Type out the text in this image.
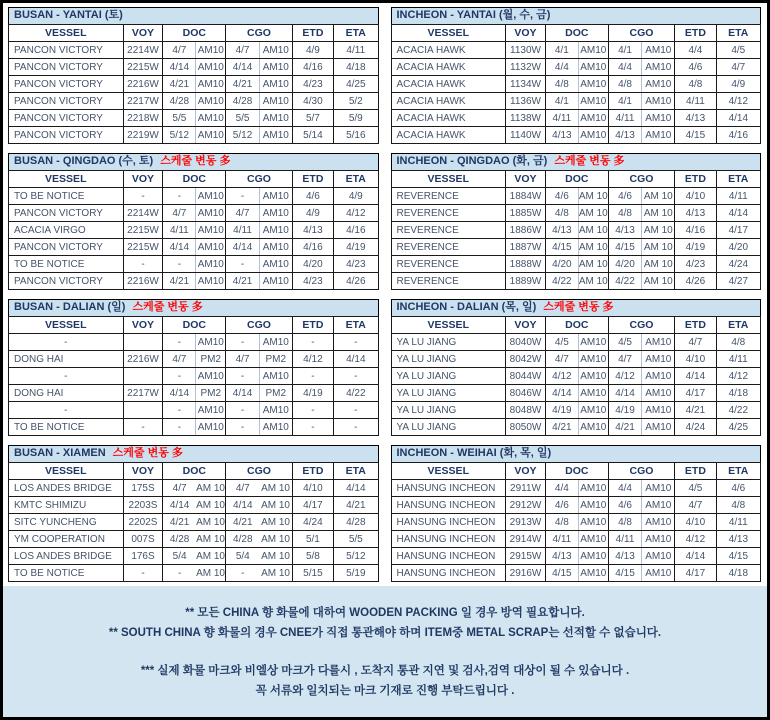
BUSAN - YANTAI (토)
VESSEL	VOY	DOC		CGO		ETD	ETA
PANCON VICTORY	2214W	4/7	AM10	4/7	AM10	4/9	4/11
PANCON VICTORY	2215W	4/14	AM10	4/14	AM10	4/16	4/18
PANCON VICTORY	2216W	4/21	AM10	4/21	AM10	4/23	4/25
PANCON VICTORY	2217W	4/28	AM10	4/28	AM10	4/30	5/2
PANCON VICTORY	2218W	5/5	AM10	5/5	AM10	5/7	5/9
PANCON VICTORY	2219W	5/12	AM10	5/12	AM10	5/14	5/16
INCHEON - YANTAI (월, 수, 금)
VESSEL	VOY	DOC		CGO		ETD	ETA
ACACIA HAWK	1130W	4/1	AM10	4/1	AM10	4/4	4/5
ACACIA HAWK	1132W	4/4	AM10	4/4	AM10	4/6	4/7
ACACIA HAWK	1134W	4/8	AM10	4/8	AM10	4/8	4/9
ACACIA HAWK	1136W	4/1	AM10	4/1	AM10	4/11	4/12
ACACIA HAWK	1138W	4/11	AM10	4/11	AM10	4/13	4/14
ACACIA HAWK	1140W	4/13	AM10	4/13	AM10	4/15	4/16
BUSAN - QINGDAO (수, 토) 스케줄 변동 多
VESSEL	VOY	DOC		CGO		ETD	ETA
TO BE NOTICE	-	-	AM10	-	AM10	4/6	4/9
PANCON VICTORY	2214W	4/7	AM10	4/7	AM10	4/9	4/12
ACACIA VIRGO	2215W	4/11	AM10	4/11	AM10	4/13	4/16
PANCON VICTORY	2215W	4/14	AM10	4/14	AM10	4/16	4/19
TO BE NOTICE	-	-	AM10	-	AM10	4/20	4/23
PANCON VICTORY	2216W	4/21	AM10	4/21	AM10	4/23	4/26
INCHEON - QINGDAO (화, 금) 스케줄 변동 多
VESSEL	VOY	DOC		CGO		ETD	ETA
REVERENCE	1884W	4/6	AM 10	4/6	AM 10	4/10	4/11
REVERENCE	1885W	4/8	AM 10	4/8	AM 10	4/13	4/14
REVERENCE	1886W	4/13	AM 10	4/13	AM 10	4/16	4/17
REVERENCE	1887W	4/15	AM 10	4/15	AM 10	4/19	4/20
REVERENCE	1888W	4/20	AM 10	4/20	AM 10	4/23	4/24
REVERENCE	1889W	4/22	AM 10	4/22	AM 10	4/26	4/27
BUSAN - DALIAN (일) 스케줄 변동 多
VESSEL	VOY	DOC		CGO		ETD	ETA
-		-	AM10	-	AM10	-	-
DONG HAI	2216W	4/7	PM2	4/7	PM2	4/12	4/14
-		-	AM10	-	AM10	-	-
DONG HAI	2217W	4/14	PM2	4/14	PM2	4/19	4/22
-		-	AM10	-	AM10	-	-
TO BE NOTICE	-	-	AM10	-	AM10	-	-
INCHEON - DALIAN (목, 일) 스케줄 변동 多
VESSEL	VOY	DOC		CGO		ETD	ETA
YA LU JIANG	8040W	4/5	AM10	4/5	AM10	4/7	4/8
YA LU JIANG	8042W	4/7	AM10	4/7	AM10	4/10	4/11
YA LU JIANG	8044W	4/12	AM10	4/12	AM10	4/14	4/12
YA LU JIANG	8046W	4/14	AM10	4/14	AM10	4/17	4/18
YA LU JIANG	8048W	4/19	AM10	4/19	AM10	4/21	4/22
YA LU JIANG	8050W	4/21	AM10	4/21	AM10	4/24	4/25
BUSAN - XIAMEN 스케줄 변동 多
VESSEL	VOY	DOC		CGO		ETD	ETA
LOS ANDES BRIDGE	175S	4/7	AM 10	4/7	AM 10	4/10	4/14
KMTC SHIMIZU	2203S	4/14	AM 10	4/14	AM 10	4/17	4/21
SITC YUNCHENG	2202S	4/21	AM 10	4/21	AM 10	4/24	4/28
YM COOPERATION	007S	4/28	AM 10	4/28	AM 10	5/1	5/5
LOS ANDES BRIDGE	176S	5/4	AM 10	5/4	AM 10	5/8	5/12
TO BE NOTICE	-	-	AM 10	-	AM 10	5/15	5/19
INCHEON - WEIHAI (화, 목, 일)
VESSEL	VOY	DOC		CGO		ETD	ETA
HANSUNG INCHEON	2911W	4/4	AM10	4/4	AM10	4/5	4/6
HANSUNG INCHEON	2912W	4/6	AM10	4/6	AM10	4/7	4/8
HANSUNG INCHEON	2913W	4/8	AM10	4/8	AM10	4/10	4/11
HANSUNG INCHEON	2914W	4/11	AM10	4/11	AM10	4/12	4/13
HANSUNG INCHEON	2915W	4/13	AM10	4/13	AM10	4/14	4/15
HANSUNG INCHEON	2916W	4/15	AM10	4/15	AM10	4/17	4/18
** 모든 CHINA 향 화물에 대하여 WOODEN PACKING 일 경우 방역 필요합니다.
** SOUTH CHINA 향 화물의 경우 CNEE가 직접 통관해야 하며 ITEM중 METAL SCRAP는 선적할 수 없습니다.
*** 실제 화물 마크와 비엘상 마크가 다를시 , 도착지 통관 지연 및 검사,검역 대상이 될 수 있습니다 .
꼭 서류와 일치되는 마크 기재로 진행 부탁드립니다 .
